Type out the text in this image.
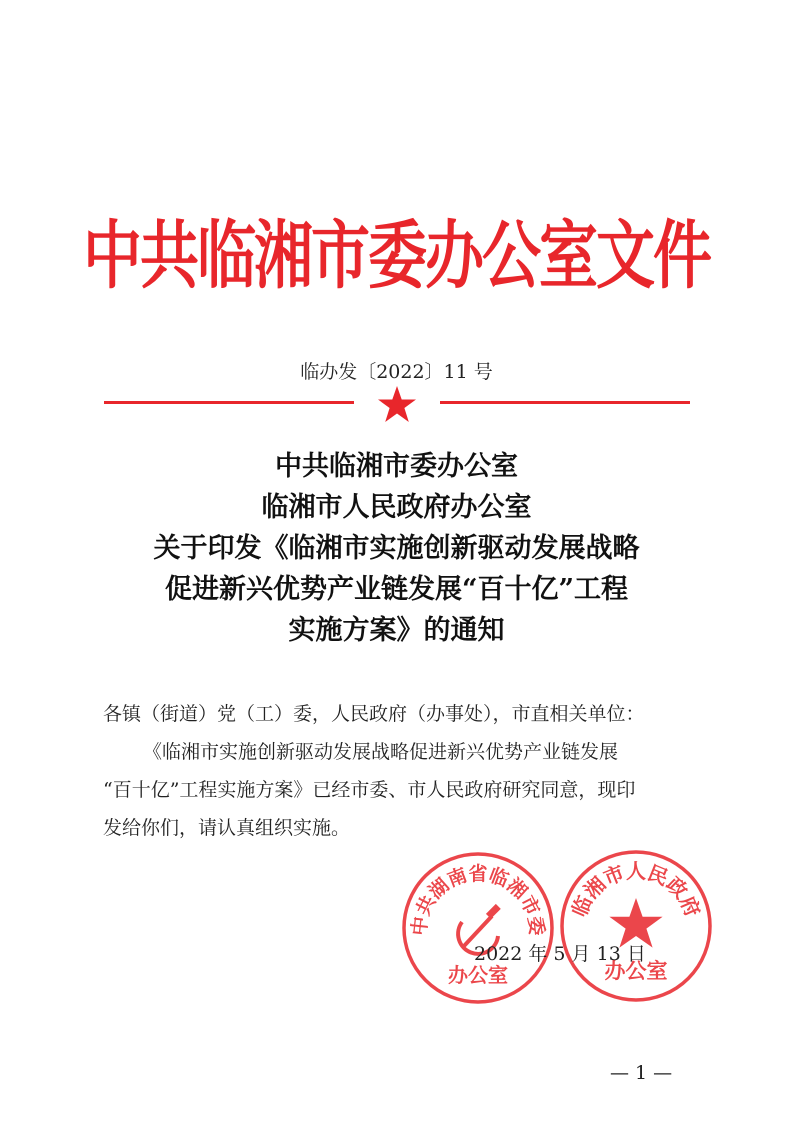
中共临湘市委办公室文件
临办发〔2022〕11 号
中共临湘市委办公室
临湘市人民政府办公室
关于印发《临湘市实施创新驱动发展战略
促进新兴优势产业链发展“百十亿”工程
实施方案》的通知

各镇（街道）党（工）委，人民政府（办事处），市直相关单位：

《临湘市实施创新驱动发展战略促进新兴优势产业链发展

“百十亿”工程实施方案》已经市委、市人民政府研究同意，现印

发给你们，请认真组织实施。

中共湖南省临湘市委
办公室
临湘市人民政府
办公室
2022 年 5 月 13 日
— 1 —
